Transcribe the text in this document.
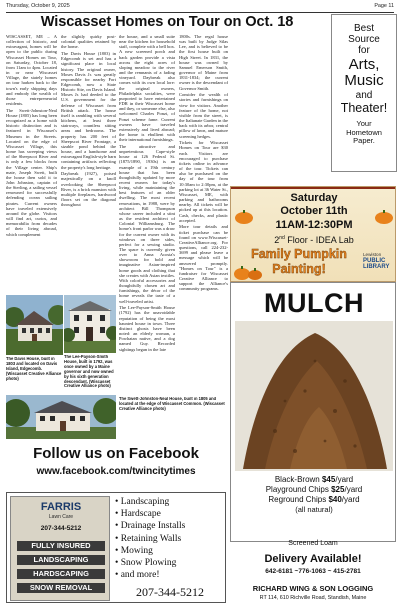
Thursday, October 9, 2025	Page 11
Wiscasset Homes on Tour on Oct. 18

WISCASSET, ME – A collection of historic, and extravagant, homes will be open to the public during Wiscasset Homes on Tour, on Saturday, October 18, from 11am to 4pm. Located in or near Wiscasset Village, the stately homes on tour harken back to the town's early shipping days and embody the wealth of those entrepreneurial residents.

The Swett-Johnston-Neal House (1805) has long been recognized as a home with historic distinction and is featured in Wiscasset's Museum in the Streets. Located on the edge of Wiscasset Village, this home has sweeping views of the Sheepscot River and is only a few blocks from the Village center. Ship's mate, Joseph Swett, built the house then sold it to John Johnston, captain of the Sterling, a sailing vessel renowned for successfully defending ocean sailing pirates. Current owners have traveled extensively around the globe. Visitors will find art, curios, and memorabilia from decades of their living abroad, which complement

the slightly quirky post-colonial qualities retained by the home.

The Davis House (1803) in Edgecomb is set and has a significant place in local history. The original owner, Moses Davis Jr. was greatly responsible for nearby Fort Edgecomb, now a State Historic Site, on Davis Island. Moses Jr. had deeded to the U.S. government for the defense of Wiscasset from British attack. The house itself is rambling with several kitchens, at least three stairways, countless sitting areas and bedrooms. The property has 200 feet of Sheepscot River Frontage, a sizable pond behind the house, and a handsome and extravagant English-style barn containing artifacts reflecting the property's long heritage.

Daybreak (1927), poised majestically on a knoll overlooking the Sheepscot River, is a brick mansion with multiple fireplaces, hardwood floors set on the diagonal throughout

the house, and a small suite near the kitchen for household staff, complete with a bell box. A new screened porch and back garden provide a vista across the eight acres of sloping meadow to the river and the remnants of a fading vineyard. Daybreak also comes with its own local lore: the original owners, Philadelphia socialites, were purported to have entertained FDR in their Wiscasset home and they, or someone else, also welcomed Charles Ponzi, of Ponzi scheme fame. Current owners have traveled extensively and lived abroad; the home is ebullient with their international furnishings.

The attractive and unpretentious Cape-style house at 126 Federal St. (1875/1890, 1930s) is an example of a 19th century house that has been thoughtfully updated by more recent owners for today's living, while maintaining the best features of an older dwelling. The most recent renovations, in 1988, were by architect Bill Thompson whose career included a stint as the resident architect of Colonial Williamsburg. The home's front parlor was a draw for the current owner with its windows on three sides, perfect for a sewing studio. The space is currently given over to Anna Acosta's showroom for bold and imaginative Asian-inspired home goods and clothing that she creates with Asian textiles. With colorful accessories and thoughtfully chosen art and furnishings, the décor of the home reveals the taste of a well-traveled artist.

The Lee-Payson-Smith House (1792) has the unavoidable reputation of being the most haunted house in town. Three distinct ghosts have been noted: an elderly woman, a Powhatan native, and a dog named Guy. Recorded sightings began in the late

1800s. The regal house was built by Judge Silas Lee, and is believed to be the first house built on High Street. In 1831, the house was owned by Samuel Emerson Smith, governor of Maine from 1831-1834; the current owner is the descendant of Governor Smith.

Consider the wealth of stories and furnishings on view for visitors. Another feature of the home, not visible from the street, is the Italianate Garden in the back with its arbor, central pillow of lawn, and mature screening hedges.

Tickets for Wiscasset Homes on Tour are $30 each. Visitors are encouraged to purchase tickets online in advance of the tour. Tickets can also be purchased on the day of the tour from 10:30am to 2:30pm, at the parking lot at 36 Water St., Wiscasset, ME, with parking and bathrooms nearby. All tickets will be picked up at this location. Cash, checks, and plastic accepted.

More tour details and ticket purchase can be found on www.Wiscasset-CreativeAlliance.org. For questions, call 224-232-3699 and please leave a message which will be answered promptly. "Homes on Tour" is a fundraiser for Wiscasset Creative Alliance to support the Alliance's community programs.

The Davis House, built in 1803 and located on Davis Island, Edgecomb. (Wiscasset Creative Alliance photo)
The Lee-Payson-Smith House, built in 1792, was once owned by a Maine governor and now owned by his sixth generation descendant. (Wiscasset Creative Alliance photo)
The Swett-Johnston-Neal House, built in 1805 and located at the edge of Wiscasset Common. (Wiscasset Creative Alliance photo)
Best
Source
for
Arts,
Music
and
Theater!
Your
Hometown
Paper.
Saturday
October 11th
11AM-12:30PM
2nd Floor - IDEA Lab
Family Pumpkin
Painting!
Lewiston
PUBLIC
LIBRARY
MULCH
Black-Brown $45/yard
Playground Chips $25/yard
Reground Chips $40/yard
(all natural)
Screened Loam
Delivery Available!
642-6181 ~776-1063 ~ 415-2781
RICHARD WING & SON LOGGING
RT 114, 610 Richville Road, Standish, Maine
Follow us on Facebook
www.facebook.com/twincitytimes
FARRIS
Lawn Care
207-344-5212
FULLY INSURED
LANDSCAPING
HARDSCAPING
SNOW REMOVAL
• Landscaping
• Hardscape
• Drainage Installs
• Retaining Walls
• Mowing
• Snow Plowing
• and more!
207-344-5212
